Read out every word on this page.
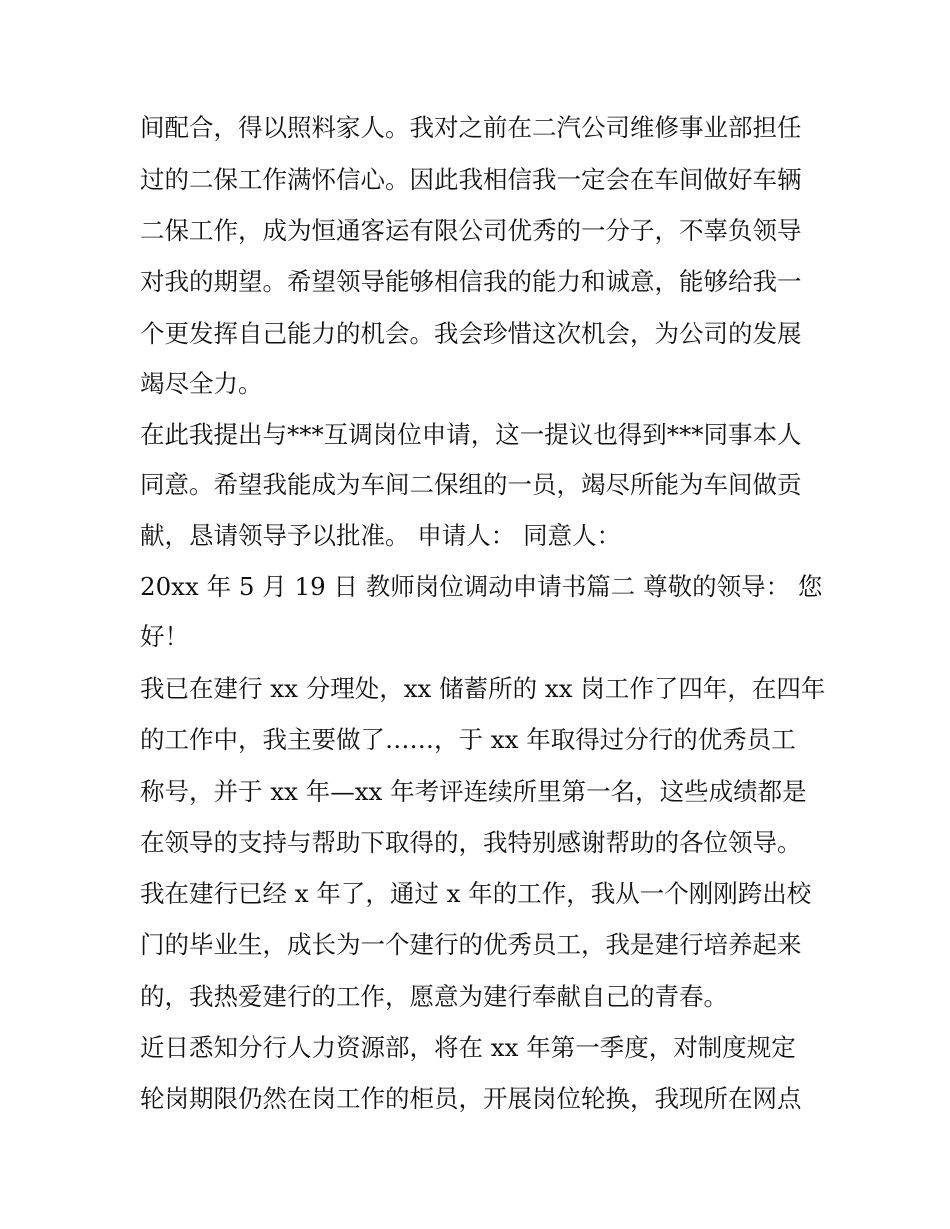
间配合，得以照料家人。我对之前在二汽公司维修事业部担任

过的二保工作满怀信心。因此我相信我一定会在车间做好车辆

二保工作，成为恒通客运有限公司优秀的一分子，不辜负领导

对我的期望。希望领导能够相信我的能力和诚意，能够给我一

个更发挥自己能力的机会。我会珍惜这次机会，为公司的发展

竭尽全力。

在此我提出与***互调岗位申请，这一提议也得到***同事本人

同意。希望我能成为车间二保组的一员，竭尽所能为车间做贡

献，恳请领导予以批准。 申请人： 同意人：

20xx 年 5 月 19 日 教师岗位调动申请书篇二 尊敬的领导： 您

好！

我已在建行 xx 分理处，xx 储蓄所的 xx 岗工作了四年，在四年

的工作中，我主要做了……，于 xx 年取得过分行的优秀员工

称号，并于 xx 年—xx 年考评连续所里第一名，这些成绩都是

在领导的支持与帮助下取得的，我特别感谢帮助的各位领导。

我在建行已经 x 年了，通过 x 年的工作，我从一个刚刚跨出校

门的毕业生，成长为一个建行的优秀员工，我是建行培养起来

的，我热爱建行的工作，愿意为建行奉献自己的青春。

近日悉知分行人力资源部，将在 xx 年第一季度，对制度规定

轮岗期限仍然在岗工作的柜员，开展岗位轮换，我现所在网点
